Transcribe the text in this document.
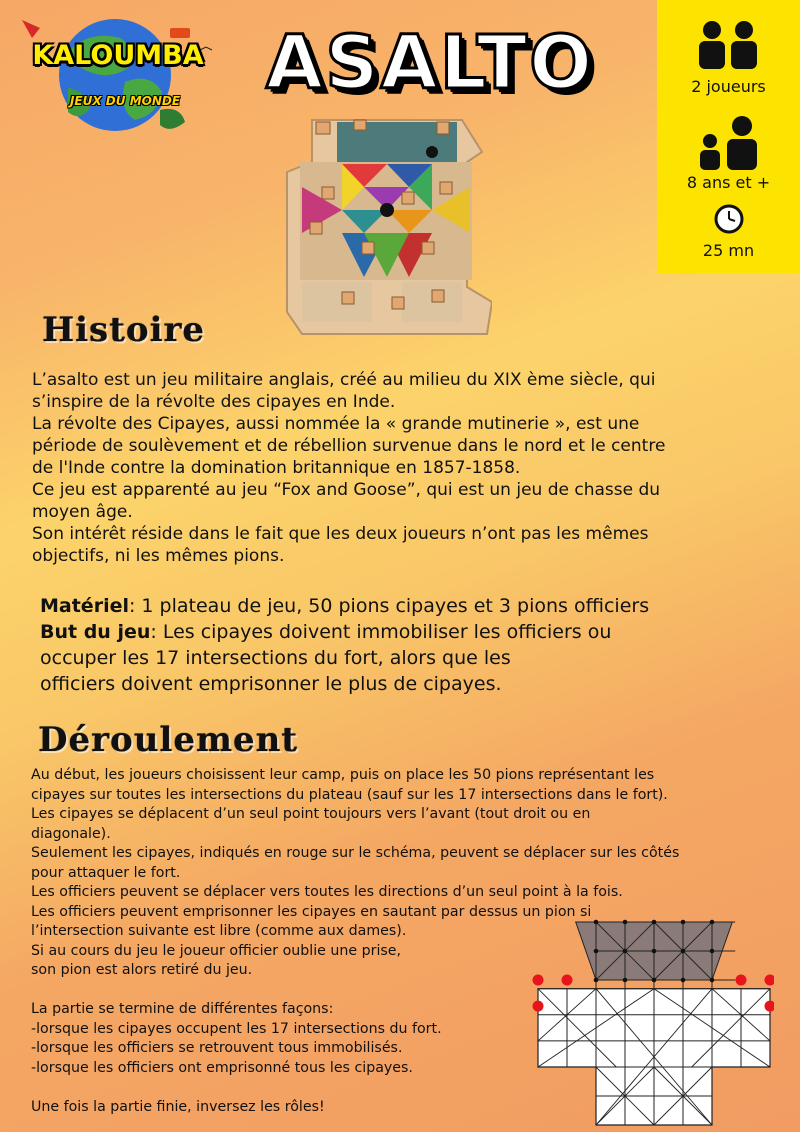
KALOUMBA
JEUX DU MONDE	ASALTO	2 joueurs
8 ans et +
25 mn
Histoire
L’asalto est un jeu militaire anglais, créé au milieu du XIX ème siècle, qui
s’inspire de la révolte des cipayes en Inde.
La révolte des Cipayes, aussi nommée la « grande mutinerie », est une
période de soulèvement et de rébellion survenue dans le nord et le centre
de l'Inde contre la domination britannique en 1857-1858.
Ce jeu est apparenté au jeu “Fox and Goose”, qui est un jeu de chasse du
moyen âge.
Son intérêt réside dans le fait que les deux joueurs n’ont pas les mêmes
objectifs, ni les mêmes pions.
Matériel: 1 plateau de jeu, 50 pions cipayes et 3 pions officiers
But du jeu: Les cipayes doivent immobiliser les officiers ou
occuper les 17 intersections du fort, alors que les
officiers doivent emprisonner le plus de cipayes.
Déroulement
Au début, les joueurs choisissent leur camp, puis on place les 50 pions représentant les
cipayes sur toutes les intersections du plateau (sauf sur les 17 intersections dans le fort).
Les cipayes se déplacent d’un seul point toujours vers l’avant (tout droit ou en
diagonale).
Seulement les cipayes, indiqués en rouge sur le schéma, peuvent se déplacer sur les côtés
pour attaquer le fort.
Les officiers peuvent se déplacer vers toutes les directions d’un seul point à la fois.
Les officiers peuvent emprisonner les cipayes en sautant par dessus un pion si
l’intersection suivante est libre (comme aux dames).
Si au cours du jeu le joueur officier oublie une prise,
son pion est alors retiré du jeu.
La partie se termine de différentes façons:
-lorsque les cipayes occupent les 17 intersections du fort.
-lorsque les officiers se retrouvent tous immobilisés.
-lorsque les officiers ont emprisonné tous les cipayes.
Une fois la partie finie, inversez les rôles!
